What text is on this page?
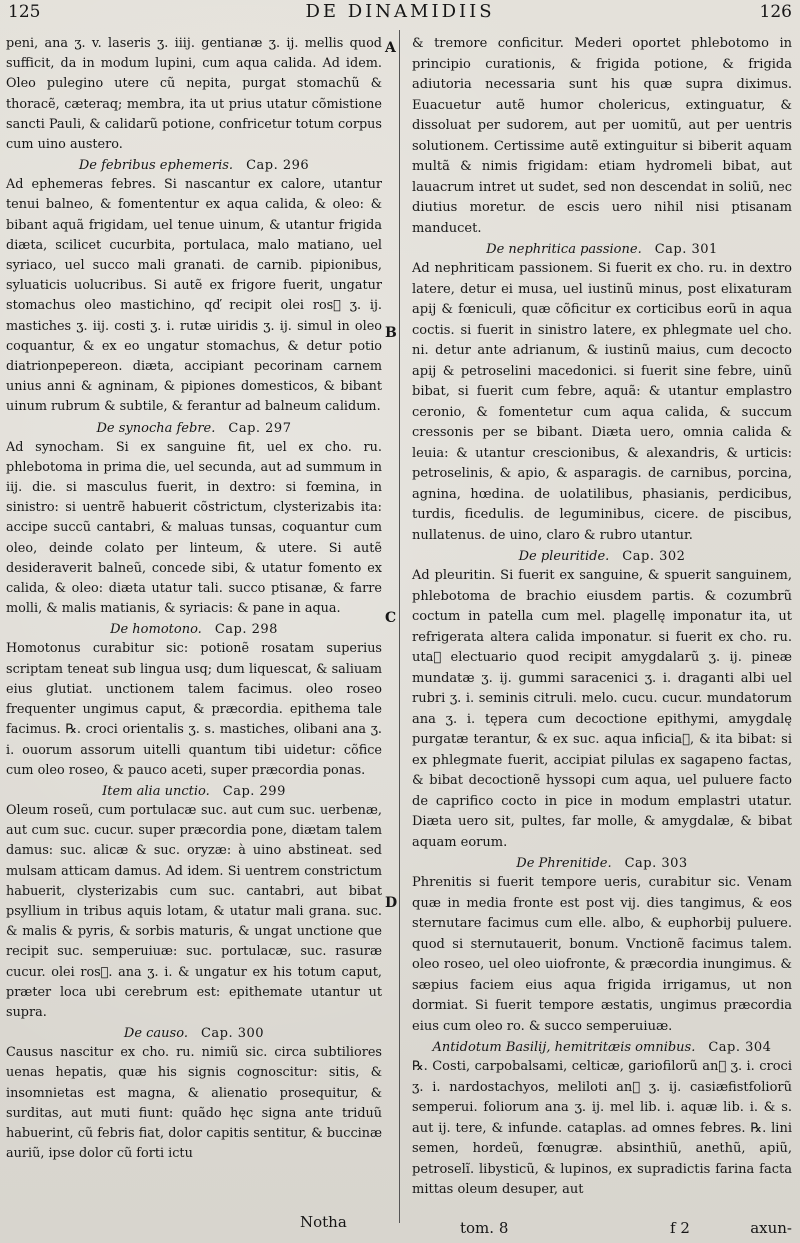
125	DE DINAMIDIIS	126
A
B
C
D

peni, ana ʒ. v. laseris ʒ. iiij. gentianæ ʒ. ij. mellis quod sufficit, da in modum lupini, cum aqua calida. Ad idem. Oleo pulegino utere cũ nepita, purgat stomachũ & thoracẽ, cæteraq; membra, ita ut prius utatur cõmistione sancti Pauli, & calidarũ potione, confricetur totum corpus cum uino austero.

De febribus ephemeris.  Cap. 296

Ad ephemeras febres. Si nascantur ex calore, utantur tenui balneo, & fomententur ex aqua calida, & oleo: & bibant aquã frigidam, uel tenue uinum, & utantur frigida diæta, scilicet cucurbita, portulaca, malo matiano, uel syriaco, uel succo mali granati. de carnib. pipionibus, syluaticis uolucribus. Si autẽ ex frigore fuerit, ungatur stomachus oleo mastichino, qď recipit olei rosᷓ ʒ. ij. mastiches ʒ. iij. costi ʒ. i. rutæ uiridis ʒ. ij. simul in oleo coquantur, & ex eo ungatur stomachus, & detur potio diatrionpepereon. diæta, accipiant pecorinam carnem unius anni & agninam, & pipiones domesticos, & bibant uinum rubrum & subtile, & ferantur ad balneum calidum.

De synocha febre.  Cap. 297

Ad synocham. Si ex sanguine fit, uel ex cho. ru. phlebotoma in prima die, uel secunda, aut ad summum in iij. die. si masculus fuerit, in dextro: si fœmina, in sinistro: si uentrẽ habuerit cõstrictum, clysterizabis ita: accipe succũ cantabri, & maluas tunsas, coquantur cum oleo, deinde colato per linteum, & utere. Si autẽ desideraverit balneũ, concede sibi, & utatur fomento ex calida, & oleo: diæta utatur tali. succo ptisanæ, & farre molli, & malis matianis, & syriacis: & pane in aqua.

De homotono.  Cap. 298

Homotonus curabitur sic: potionẽ rosatam superius scriptam teneat sub lingua usq; dum liquescat, & saliuam eius glutiat. unctionem talem facimus. oleo roseo frequenter ungimus caput, & præcordia. epithema tale facimus. ℞. croci orientalis ʒ. s. mastiches, olibani ana ʒ. i. ouorum assorum uitelli quantum tibi uidetur: cõfice cum oleo roseo, & pauco aceti, super præcordia ponas.

Item alia unctio.  Cap. 299

Oleum roseũ, cum portulacæ suc. aut cum suc. uerbenæ, aut cum suc. cucur. super præcordia pone, diætam talem damus: suc. alicæ & suc. oryzæ: à uino abstineat. sed mulsam atticam damus. Ad idem. Si uentrem constrictum habuerit, clysterizabis cum suc. cantabri, aut bibat psyllium in tribus aquis lotam, & utatur mali grana. suc. & malis & pyris, & sorbis maturis, & ungat unctione que recipit suc. semperuiuæ: suc. portulacæ, suc. rasuræ cucur. olei rosᷓ. ana ʒ. i. & ungatur ex his totum caput, præter loca ubi cerebrum est: epithemate utantur ut supra.

De causo.  Cap. 300

Causus nascitur ex cho. ru. nimiũ sic. circa subtiliores uenas hepatis, quæ his signis cognoscitur: sitis, & insomnietas est magna, & alienatio prosequitur, & surditas, aut muti fiunt: quãdo hęc signa ante triduũ habuerint, cũ febris fiat, dolor capitis sentitur, & buccinæ auriũ, ipse dolor cũ forti ictu

& tremore conficitur. Mederi oportet phlebotomo in principio curationis, & frigida potione, & frigida adiutoria necessaria sunt his quæ supra diximus. Euacuetur autẽ humor cholericus, extinguatur, & dissoluat per sudorem, aut per uomitũ, aut per uentris solutionem. Certissime autẽ extinguitur si biberit aquam multã & nimis frigidam: etiam hydromeli bibat, aut lauacrum intret ut sudet, sed non descendat in soliũ, nec diutius moretur. de escis uero nihil nisi ptisanam manducet.

De nephritica passione.  Cap. 301

Ad nephriticam passionem. Si fuerit ex cho. ru. in dextro latere, detur ei musa, uel iustinũ minus, post elixaturam apij & fœniculi, quæ cõficitur ex corticibus eorũ in aqua coctis. si fuerit in sinistro latere, ex phlegmate uel cho. ni. detur ante adrianum, & iustinũ maius, cum decocto apij & petroselini macedonici. si fuerit sine febre, uinũ bibat, si fuerit cum febre, aquã: & utantur emplastro ceronio, & fomentetur cum aqua calida, & succum cressonis per se bibant. Diæta uero, omnia calida & leuia: & utantur crescionibus, & alexandris, & urticis: petroselinis, & apio, & asparagis. de carnibus, porcina, agnina, hœdina. de uolatilibus, phasianis, perdicibus, turdis, ficedulis. de leguminibus, cicere. de piscibus, nullatenus. de uino, claro & rubro utantur.

De pleuritide.  Cap. 302

Ad pleuritin. Si fuerit ex sanguine, & spuerit sanguinem, phlebotoma de brachio eiusdem partis. & cozumbrũ coctum in patella cum mel. plagellę imponatur ita, ut refrigerata altera calida imponatur. si fuerit ex cho. ru. utaᷓ electuario quod recipit amygdalarũ ʒ. ij. pineæ mundatæ ʒ. ij. gummi saracenici ʒ. i. draganti albi uel rubri ʒ. i. seminis citruli. melo. cucu. cucur. mundatorum ana ʒ. i. tępera cum decoctione epithymi, amygdalę purgatæ terantur, & ex suc. aqua inficiaᷓ, & ita bibat: si ex phlegmate fuerit, accipiat pilulas ex sagapeno factas, & bibat decoctionẽ hyssopi cum aqua, uel puluere facto de caprifico cocto in pice in modum emplastri utatur. Diæta uero sit, pultes, far molle, & amygdalæ, & bibat aquam eorum.

De Phrenitide.  Cap. 303

Phrenitis si fuerit tempore ueris, curabitur sic. Venam quæ in media fronte est post vij. dies tangimus, & eos sternutare facimus cum elle. albo, & euphorbij puluere. quod si sternutauerit, bonum. Vnctionẽ facimus talem. oleo roseo, uel oleo uiofronte, & præcordia inungimus. & sæpius faciem eius aqua frigida irrigamus, ut non dormiat. Si fuerit tempore æstatis, ungimus præcordia eius cum oleo ro. & succo semperuiuæ.

Antidotum Basilij, hemitritæis omnibus.  Cap. 304

℞. Costi, carpobalsami, celticæ, gariofilorũ anᷓ ʒ. i. croci ʒ. i. nardostachyos, meliloti anᷓ ʒ. ij. casiæfistfoliorũ semperui. foliorum ana ʒ. ij. mel lib. i. aquæ lib. i. & s. aut ij. tere, & infunde. cataplas. ad omnes febres. ℞. lini semen, hordeũ, fœnugræ. absinthiũ, anethũ, apiũ, petroselĩ. libysticũ, & lupinos, ex supradictis farina facta mittas oleum desuper, aut

Notha	tom. 8	f 2	axun-
